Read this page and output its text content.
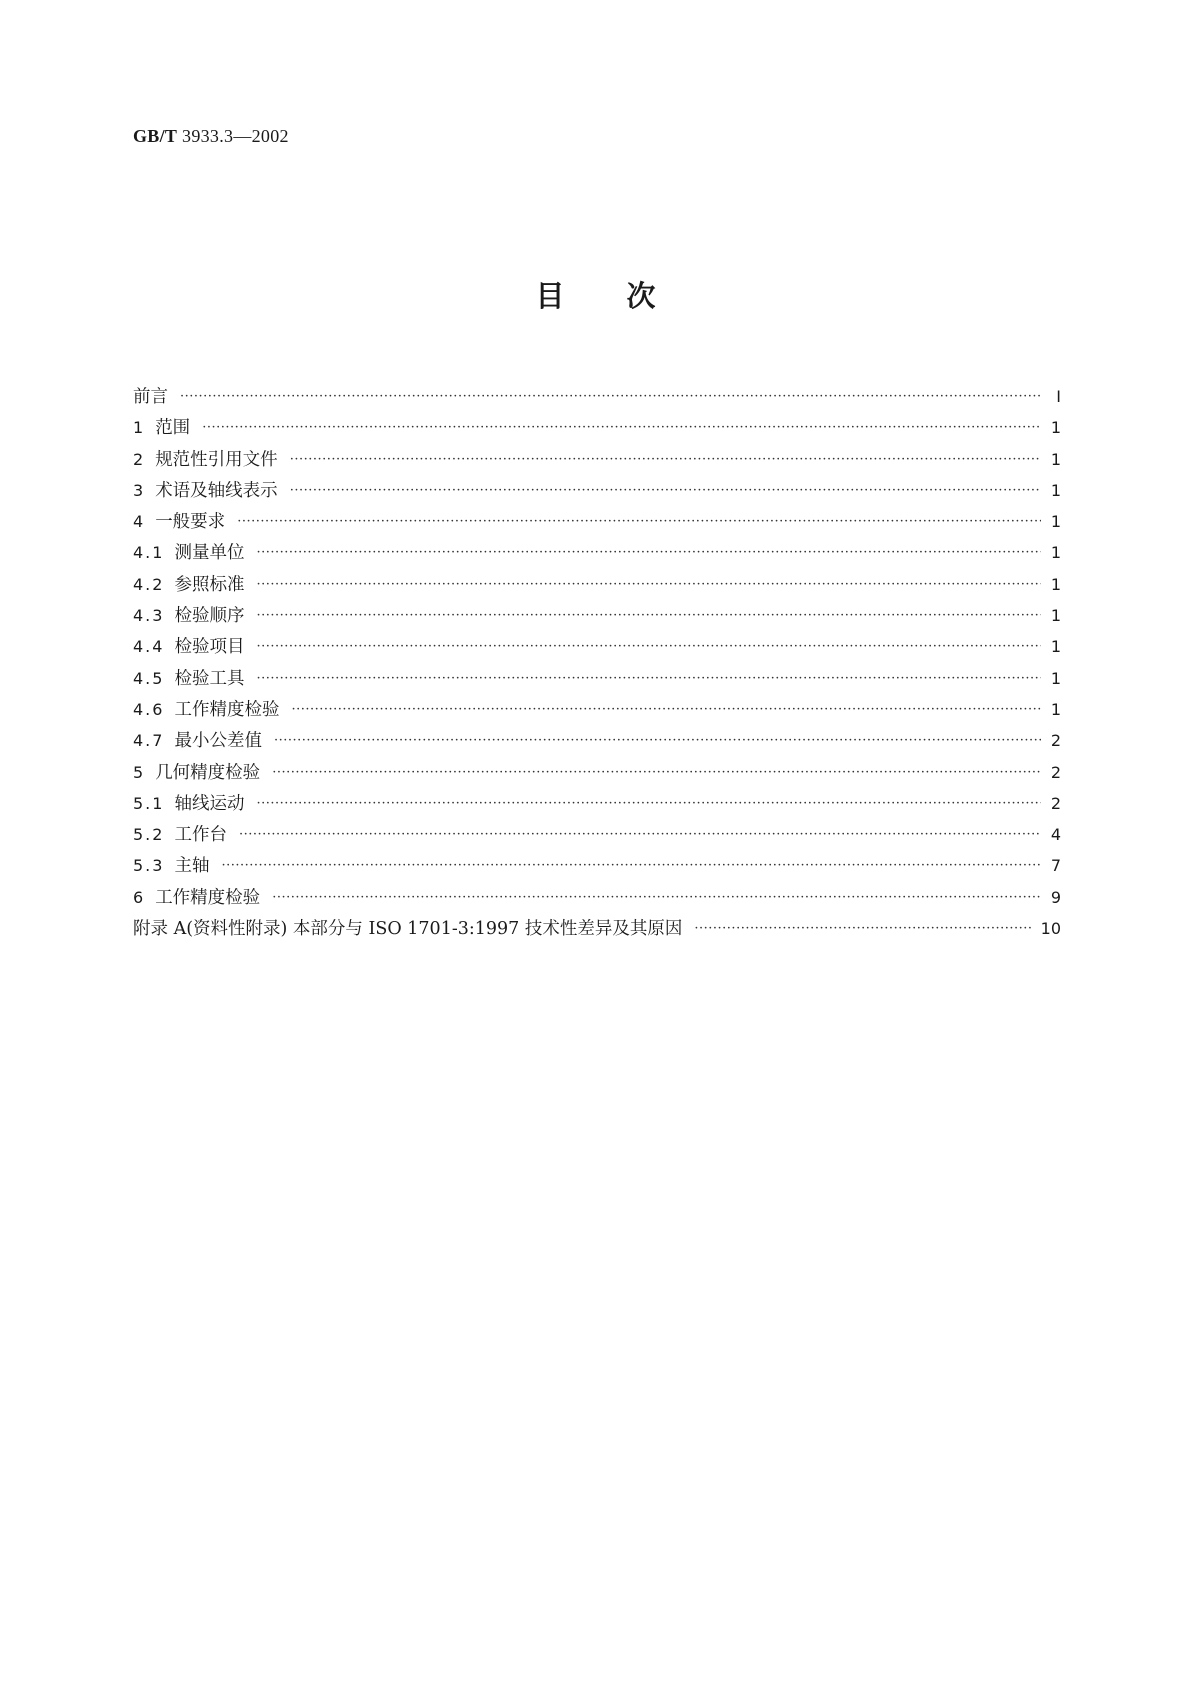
GB/T 3933.3—2002
目次
前言 ·····	Ⅰ
1 范围 ·····	1
2 规范性引用文件 ·····	1
3 术语及轴线表示 ·····	1
4 一般要求 ·····	1
4.1 测量单位 ·····	1
4.2 参照标准 ·····	1
4.3 检验顺序 ·····	1
4.4 检验项目 ·····	1
4.5 检验工具 ·····	1
4.6 工作精度检验 ·····	1
4.7 最小公差值 ·····	2
5 几何精度检验 ·····	2
5.1 轴线运动 ·····	2
5.2 工作台 ·····	4
5.3 主轴 ·····	7
6 工作精度检验 ·····	9
附录 A(资料性附录) 本部分与 ISO 1701-3:1997 技术性差异及其原因 ·····	10
